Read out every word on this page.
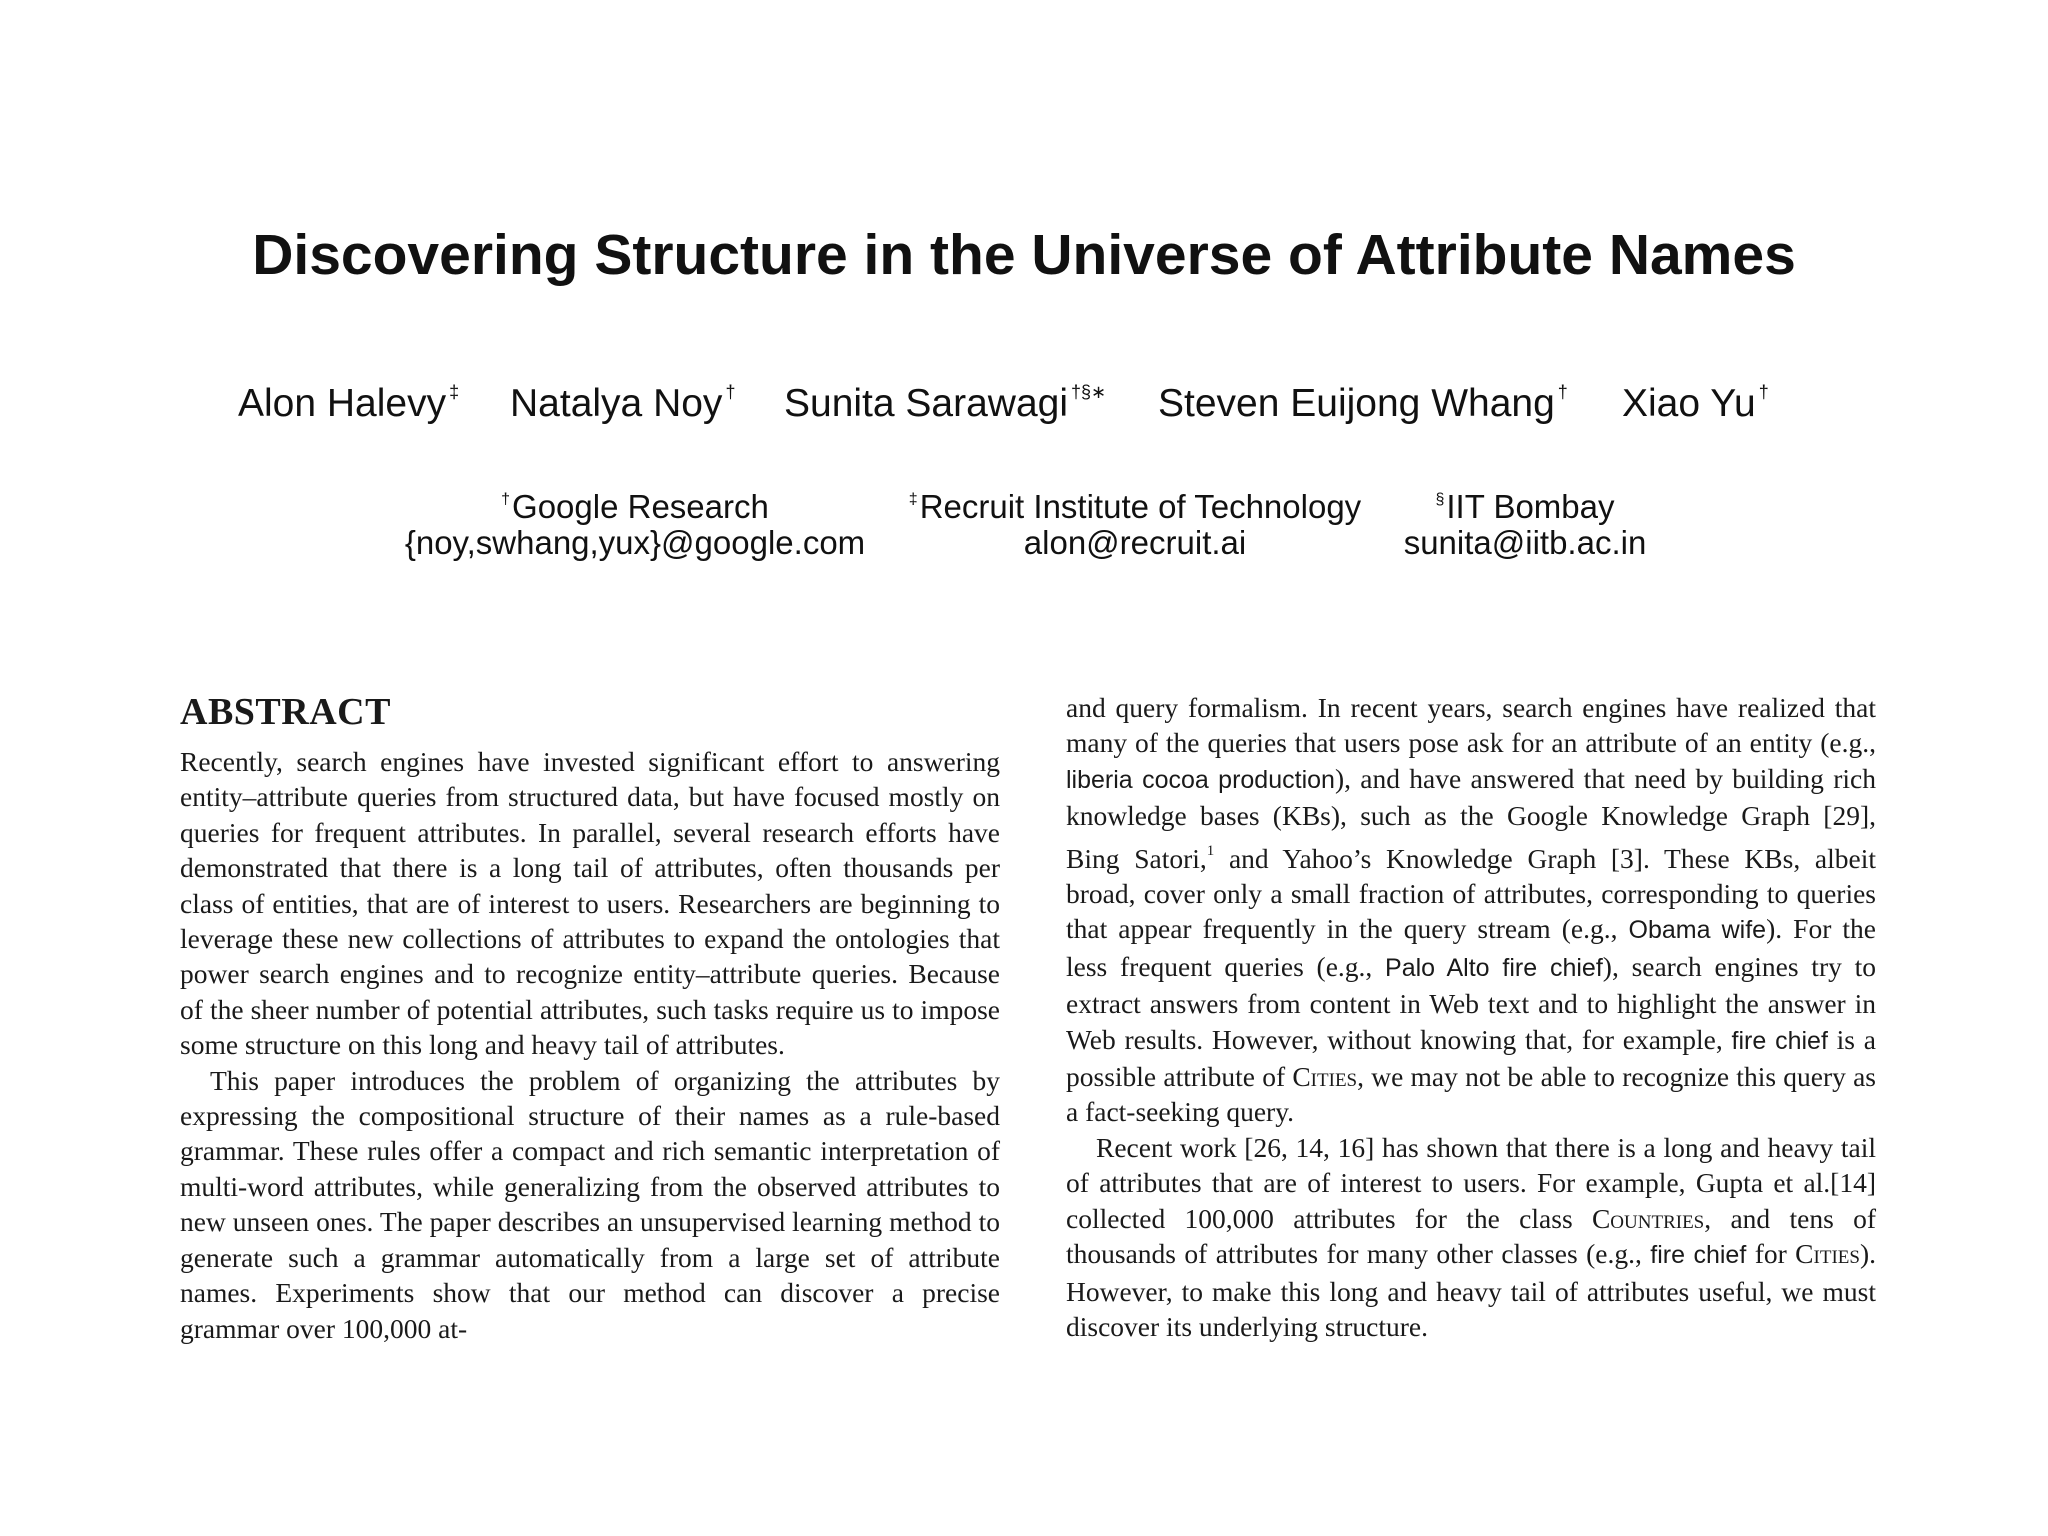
Discovering Structure in the Universe of Attribute Names
Alon Halevy ‡ Natalya Noy † Sunita Sarawagi †§∗ Steven Euijong Whang † Xiao Yu †
†Google Research
{noy,swhang,yux}@google.com
‡Recruit Institute of Technology
alon@recruit.ai
§IIT Bombay
sunita@iitb.ac.in
ABSTRACT

Recently, search engines have invested significant effort to answering entity–attribute queries from structured data, but have focused mostly on queries for frequent attributes. In parallel, several research efforts have demonstrated that there is a long tail of attributes, often thousands per class of entities, that are of interest to users. Researchers are beginning to leverage these new collections of attributes to expand the ontologies that power search engines and to recognize entity–attribute queries. Because of the sheer number of potential attributes, such tasks require us to impose some structure on this long and heavy tail of attributes.

This paper introduces the problem of organizing the attributes by expressing the compositional structure of their names as a rule-based grammar. These rules offer a compact and rich semantic interpretation of multi-word attributes, while generalizing from the observed attributes to new unseen ones. The paper describes an unsupervised learning method to generate such a grammar automatically from a large set of attribute names. Experiments show that our method can discover a precise grammar over 100,000 at-

and query formalism. In recent years, search engines have realized that many of the queries that users pose ask for an attribute of an entity (e.g., liberia cocoa production), and have answered that need by building rich knowledge bases (KBs), such as the Google Knowledge Graph [29], Bing Satori,$^1$ and Yahoo’s Knowledge Graph [3]. These KBs, albeit broad, cover only a small fraction of attributes, corresponding to queries that appear frequently in the query stream (e.g., Obama wife). For the less frequent queries (e.g., Palo Alto fire chief), search engines try to extract answers from content in Web text and to highlight the answer in Web results. However, without knowing that, for example, fire chief is a possible attribute of Cities, we may not be able to recognize this query as a fact-seeking query.

Recent work [26, 14, 16] has shown that there is a long and heavy tail of attributes that are of interest to users. For example, Gupta et al.[14] collected 100,000 attributes for the class Countries, and tens of thousands of attributes for many other classes (e.g., fire chief for Cities). However, to make this long and heavy tail of attributes useful, we must discover its underlying structure.
